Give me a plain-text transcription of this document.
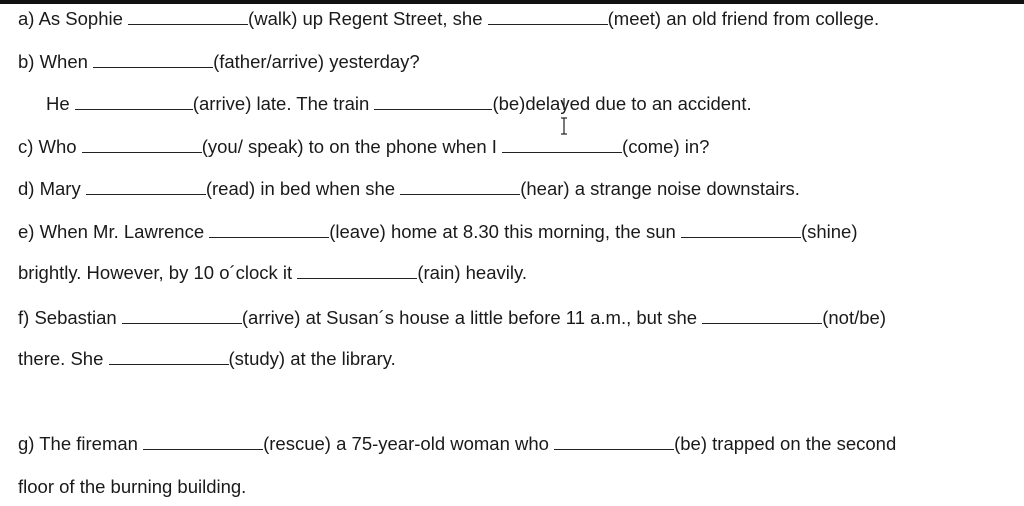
a) As Sophie	(walk) up Regent Street, she	(meet) an old friend from college.
b) When	(father/arrive) yesterday?
He	(arrive) late. The train	(be)delayed due to an accident.
c) Who	(you/ speak) to on the phone when I	(come) in?
d) Mary	(read) in bed when she	(hear) a strange noise downstairs.
e) When Mr. Lawrence	(leave) home at 8.30 this morning, the sun	(shine)
brightly. However, by 10 o´clock it	(rain) heavily.
f) Sebastian	(arrive) at Susan´s house a little before 11 a.m., but she	(not/be)
there. She	(study) at the library.
g) The fireman	(rescue) a 75-year-old woman who	(be) trapped on the second
floor of the burning building.
